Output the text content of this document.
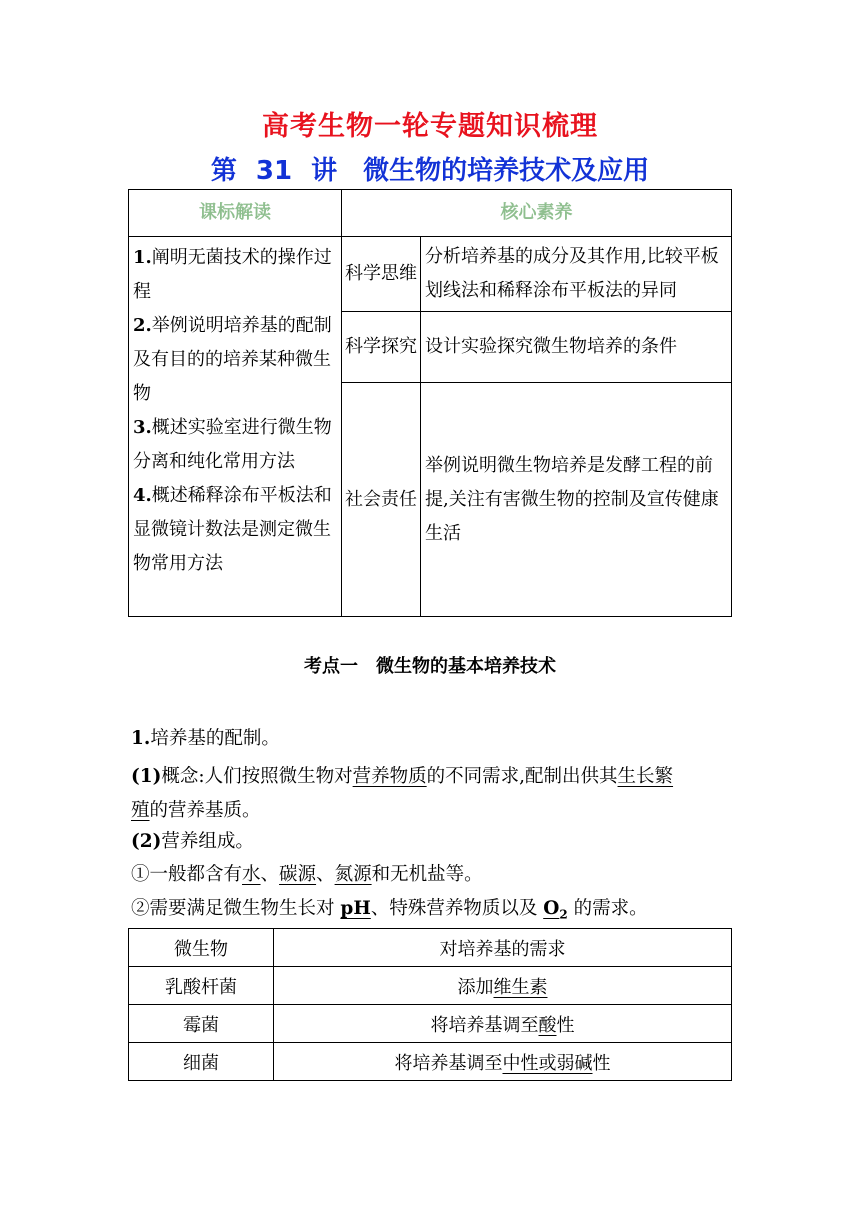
高考生物一轮专题知识梳理
第 31 讲　微生物的培养技术及应用
课标解读	核心素养	

1.阐明无菌技术的操作过程
2.举例说明培养基的配制及有目的的培养某种微生物
3.概述实验室进行微生物分离和纯化常用方法
4.概述稀释涂布平板法和显微镜计数法是测定微生物常用方法	科学思维	分析培养基的成分及其作用,比较平板划线法和稀释涂布平板法的异同
	科学探究	设计实验探究微生物培养的条件
	社会责任	举例说明微生物培养是发酵工程的前提,关注有害微生物的控制及宣传健康生活
考点一　微生物的基本培养技术
1.培养基的配制。
(1)概念:人们按照微生物对营养物质的不同需求,配制出供其生长繁
殖的营养基质。
(2)营养组成。
①一般都含有水、碳源、氮源和无机盐等。
②需要满足微生物生长对 pH、特殊营养物质以及 $O_2$ 的需求。
微生物	对培养基的需求
乳酸杆菌	添加维生素
霉菌	将培养基调至酸性
细菌	将培养基调至中性或弱碱性
